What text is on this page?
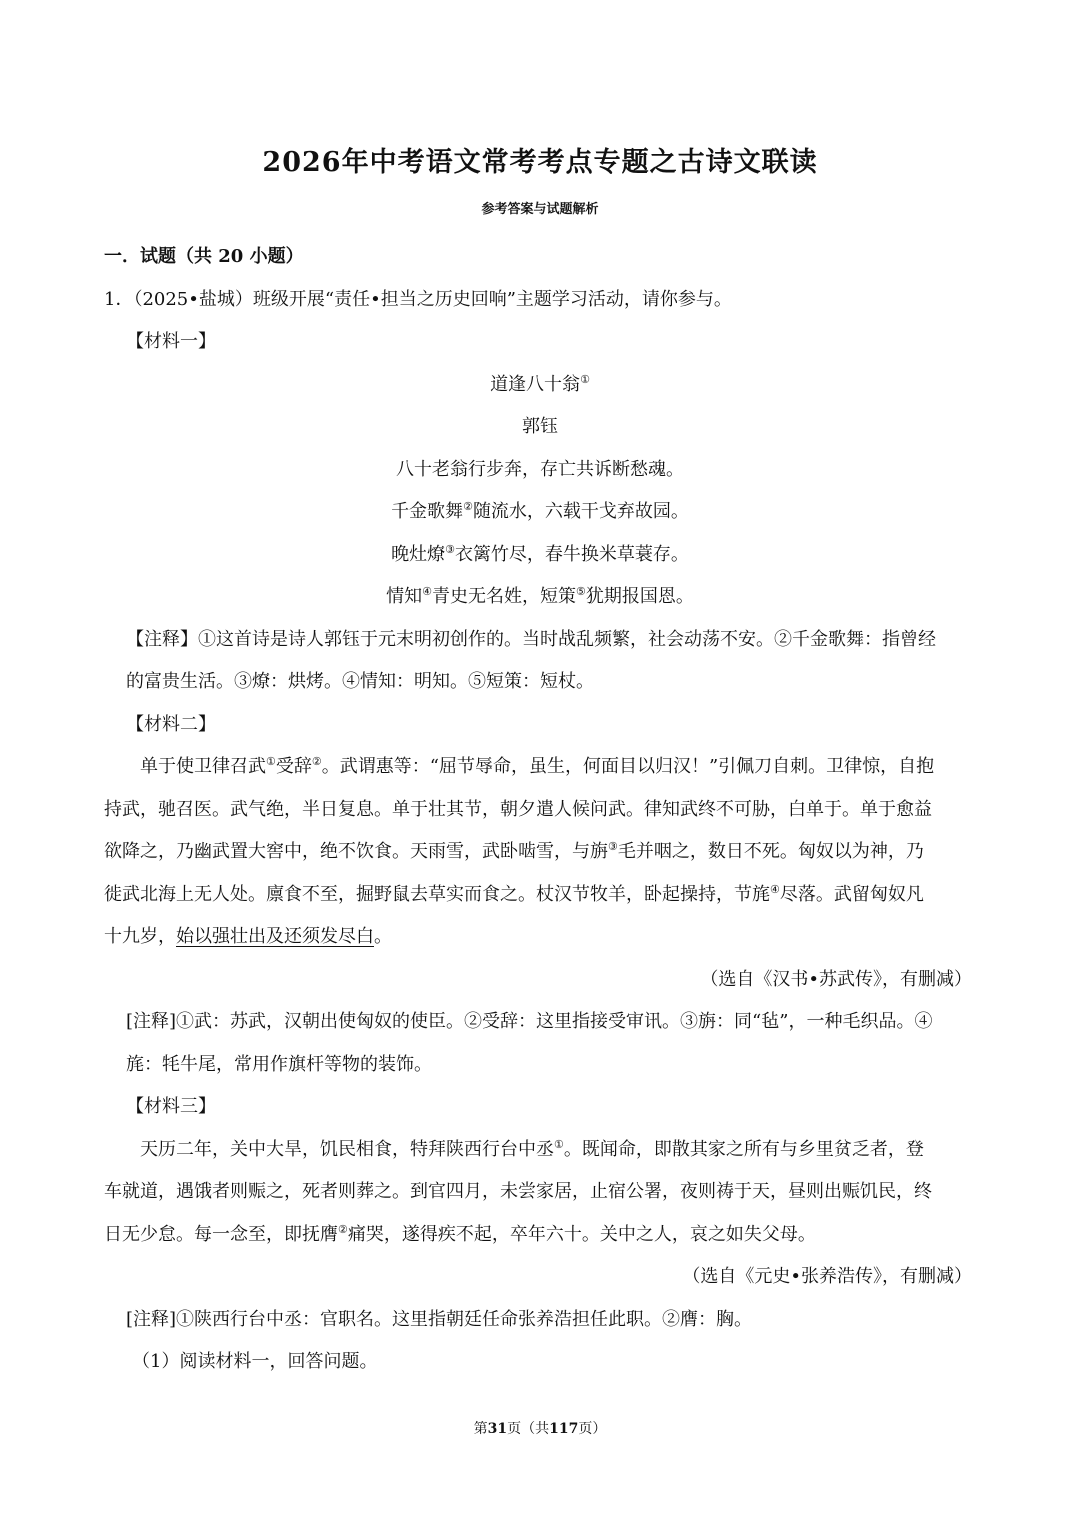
2026年中考语文常考考点专题之古诗文联读
参考答案与试题解析

一．试题（共 20 小题）

1．（2025•盐城）班级开展“责任•担当之历史回响”主题学习活动，请你参与。

【材料一】

道逢八十翁①

郭钰

八十老翁行步奔，存亡共诉断愁魂。

千金歌舞②随流水，六载干戈弃故园。

晚灶燎③衣篱竹尽，春牛换米草蓑存。

情知④青史无名姓，短策⑤犹期报国恩。

【注释】①这首诗是诗人郭钰于元末明初创作的。当时战乱频繁，社会动荡不安。②千金歌舞：指曾经

的富贵生活。③燎：烘烤。④情知：明知。⑤短策：短杖。

【材料二】

单于使卫律召武①受辞②。武谓惠等：“屈节辱命，虽生，何面目以归汉！”引佩刀自刺。卫律惊，自抱

持武，驰召医。武气绝，半日复息。单于壮其节，朝夕遣人候问武。律知武终不可胁，白单于。单于愈益

欲降之，乃幽武置大窖中，绝不饮食。天雨雪，武卧啮雪，与旃③毛并咽之，数日不死。匈奴以为神，乃

徙武北海上无人处。廪食不至，掘野鼠去草实而食之。杖汉节牧羊，卧起操持，节旄④尽落。武留匈奴凡

十九岁，始以强壮出及还须发尽白。

（选自《汉书•苏武传》，有删减）

[注释]①武：苏武，汉朝出使匈奴的使臣。②受辞：这里指接受审讯。③旃：同“毡”，一种毛织品。④

旄：牦牛尾，常用作旗杆等物的装饰。

【材料三】

天历二年，关中大旱，饥民相食，特拜陕西行台中丞①。既闻命，即散其家之所有与乡里贫乏者，登

车就道，遇饿者则赈之，死者则葬之。到官四月，未尝家居，止宿公署，夜则祷于天，昼则出赈饥民，终

日无少怠。每一念至，即抚膺②痛哭，遂得疾不起，卒年六十。关中之人，哀之如失父母。

（选自《元史•张养浩传》，有删减）

[注释]①陕西行台中丞：官职名。这里指朝廷任命张养浩担任此职。②膺：胸。

（1）阅读材料一，回答问题。

第31页（共117页）
